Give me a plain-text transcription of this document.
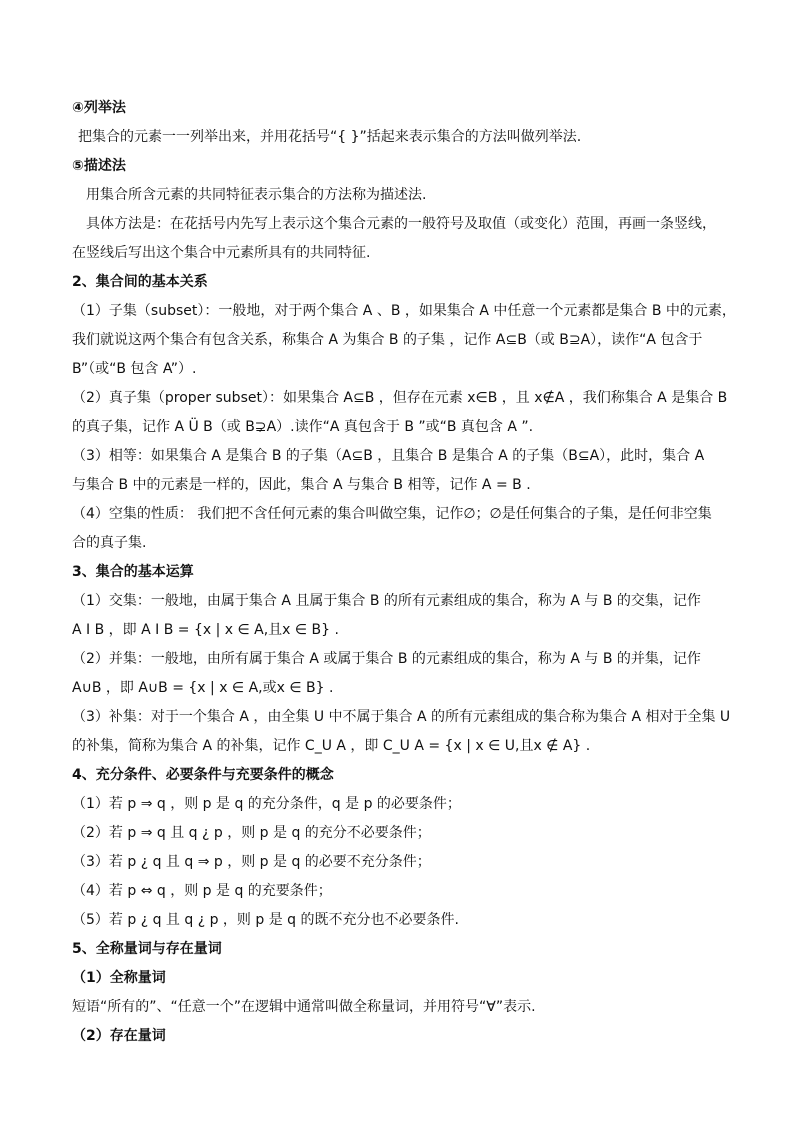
④列举法
把集合的元素一一列举出来，并用花括号“{ }”括起来表示集合的方法叫做列举法.
⑤描述法
用集合所含元素的共同特征表示集合的方法称为描述法.
具体方法是：在花括号内先写上表示这个集合元素的一般符号及取值（或变化）范围，再画一条竖线，
在竖线后写出这个集合中元素所具有的共同特征.
2、集合间的基本关系
（1）子集（subset）：一般地，对于两个集合 A 、B ，如果集合 A 中任意一个元素都是集合 B 中的元素，
我们就说这两个集合有包含关系，称集合 A 为集合 B 的子集 ，记作 A⊆B（或 B⊇A），读作“A 包含于
B”（或“B 包含 A”）.
（2）真子集（proper subset）：如果集合 A⊆B ，但存在元素 x∈B ，且 x∉A ，我们称集合 A 是集合 B
的真子集，记作 A Ü B（或 B⊋A）.读作“A 真包含于 B ”或“B 真包含 A ”.
（3）相等：如果集合 A 是集合 B 的子集（A⊆B ，且集合 B 是集合 A 的子集（B⊆A），此时，集合 A
与集合 B 中的元素是一样的，因此，集合 A 与集合 B 相等，记作 A = B .
（4）空集的性质： 我们把不含任何元素的集合叫做空集，记作∅；∅是任何集合的子集，是任何非空集
合的真子集.
3、集合的基本运算
（1）交集：一般地，由属于集合 A 且属于集合 B 的所有元素组成的集合，称为 A 与 B 的交集，记作
A I B ，即 A I B = {x | x ∈ A,且x ∈ B} .
（2）并集：一般地，由所有属于集合 A 或属于集合 B 的元素组成的集合，称为 A 与 B 的并集，记作
A∪B ，即 A∪B = {x | x ∈ A,或x ∈ B} .
（3）补集：对于一个集合 A ，由全集 U 中不属于集合 A 的所有元素组成的集合称为集合 A 相对于全集 U
的补集，简称为集合 A 的补集，记作 C_U A ，即 C_U A = {x | x ∈ U,且x ∉ A} .
4、充分条件、必要条件与充要条件的概念
（1）若 p ⇒ q ，则 p 是 q 的充分条件，q 是 p 的必要条件；
（2）若 p ⇒ q 且 q ¿ p ，则 p 是 q 的充分不必要条件；
（3）若 p ¿ q 且 q ⇒ p ，则 p 是 q 的必要不充分条件；
（4）若 p ⇔ q ，则 p 是 q 的充要条件；
（5）若 p ¿ q 且 q ¿ p ，则 p 是 q 的既不充分也不必要条件.
5、全称量词与存在量词
（1）全称量词
短语“所有的”、“任意一个”在逻辑中通常叫做全称量词，并用符号“∀”表示.
（2）存在量词
